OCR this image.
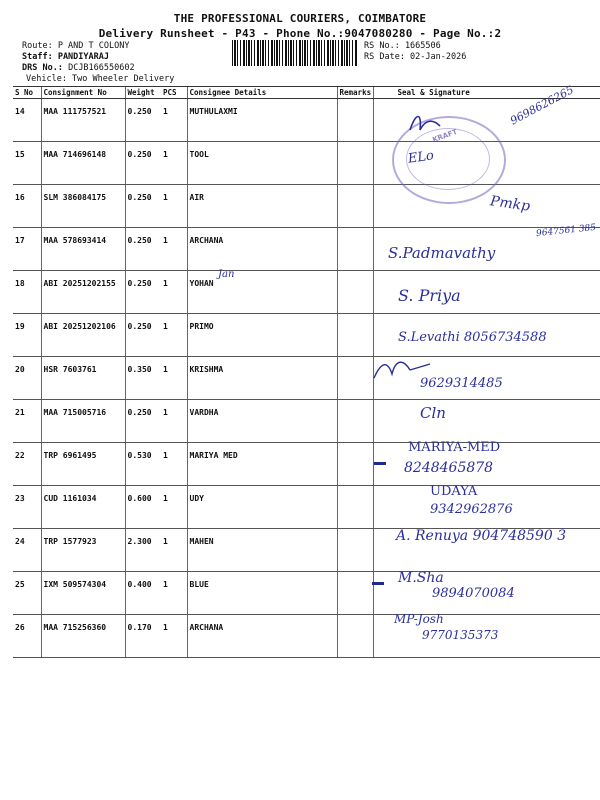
THE PROFESSIONAL COURIERS, COIMBATORE
Delivery Runsheet - P43 - Phone No.:9047080280 - Page No.:2
Route: P AND T COLONY
Staff: PANDIYARAJ
DRS No.: DCJB166550602
Vehicle: Two Wheeler Delivery
RS No.: 1665506
RS Date: 02-Jan-2026
S No	Consignment No	Weight	PCS	Consignee Details	Remarks	Seal & Signature
14	MAA 111757521	0.250	1	MUTHULAXMI		
15	MAA 714696148	0.250	1	TOOL		
16	SLM 386084175	0.250	1	AIR		
17	MAA 578693414	0.250	1	ARCHANA		
18	ABI 20251202155	0.250	1	YOHAN		
19	ABI 20251202106	0.250	1	PRIMO		
20	HSR 7603761	0.350	1	KRISHMA		
21	MAA 715005716	0.250	1	VARDHA		
22	TRP 6961495	0.530	1	MARIYA MED		
23	CUD 1161034	0.600	1	UDY		
24	TRP 1577923	2.300	1	MAHEN		
25	IXM 509574304	0.400	1	BLUE		
26	MAA 715256360	0.170	1	ARCHANA		
KRAFT
Jan
9698626265
ELo
Pmkp
9647561 385
S.Padmavathy
S. Priya
S.Levathi 8056734588
9629314485
Cln
MARIYA-MED
8248465878
UDAYA
9342962876
A. Renuya 904748590 3
M.Sha
9894070084
MP-Josh
9770135373
